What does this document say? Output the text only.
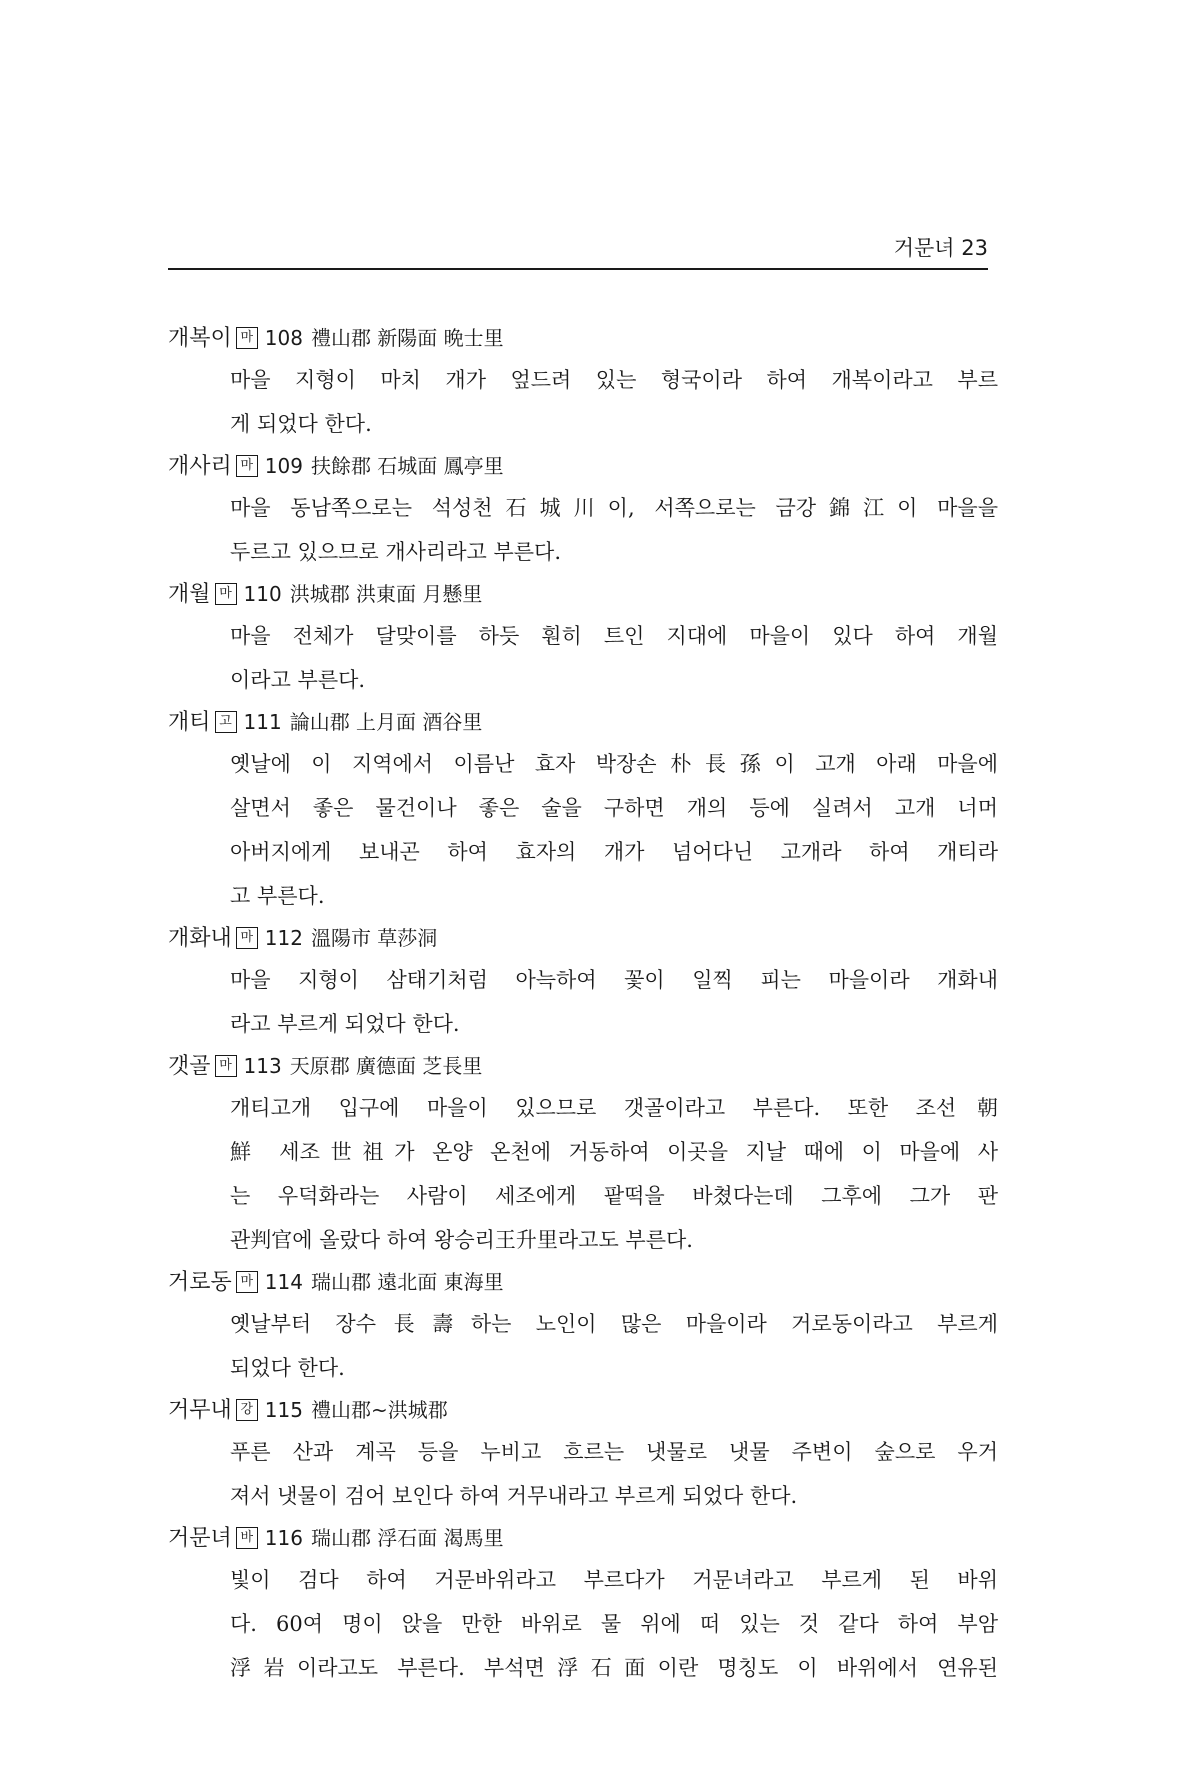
거문녀 23
개복이 마 108 禮山郡 新陽面 晩士里
마을 지형이 마치 개가 엎드려 있는 형국이라 하여 개복이라고 부르
게 되었다 한다.
개사리 마 109 扶餘郡 石城面 鳳亭里
마을 동남쪽으로는 석성천石城川이, 서쪽으로는 금강錦江이 마을을
두르고 있으므로 개사리라고 부른다.
개월 마 110 洪城郡 洪東面 月懸里
마을 전체가 달맞이를 하듯 훤히 트인 지대에 마을이 있다 하여 개월
이라고 부른다.
개티 고 111 論山郡 上月面 酒谷里
옛날에 이 지역에서 이름난 효자 박장손朴長孫이 고개 아래 마을에
살면서 좋은 물건이나 좋은 술을 구하면 개의 등에 실려서 고개 너머
아버지에게 보내곤 하여 효자의 개가 넘어다닌 고개라 하여 개티라
고 부른다.
개화내 마 112 溫陽市 草莎洞
마을 지형이 삼태기처럼 아늑하여 꽃이 일찍 피는 마을이라 개화내
라고 부르게 되었다 한다.
갯골 마 113 天原郡 廣德面 芝長里
개티고개 입구에 마을이 있으므로 갯골이라고 부른다. 또한 조선朝
鮮 세조世祖가 온양 온천에 거동하여 이곳을 지날 때에 이 마을에 사
는 우덕화라는 사람이 세조에게 팥떡을 바쳤다는데 그후에 그가 판
관判官에 올랐다 하여 왕승리王升里라고도 부른다.
거로동 마 114 瑞山郡 遠北面 東海里
옛날부터 장수長壽하는 노인이 많은 마을이라 거로동이라고 부르게
되었다 한다.
거무내 강 115 禮山郡~洪城郡
푸른 산과 계곡 등을 누비고 흐르는 냇물로 냇물 주변이 숲으로 우거
져서 냇물이 검어 보인다 하여 거무내라고 부르게 되었다 한다.
거문녀 바 116 瑞山郡 浮石面 渴馬里
빛이 검다 하여 거문바위라고 부르다가 거문녀라고 부르게 된 바위
다. 60여 명이 앉을 만한 바위로 물 위에 떠 있는 것 같다 하여 부암
浮岩이라고도 부른다. 부석면浮石面이란 명칭도 이 바위에서 연유된
